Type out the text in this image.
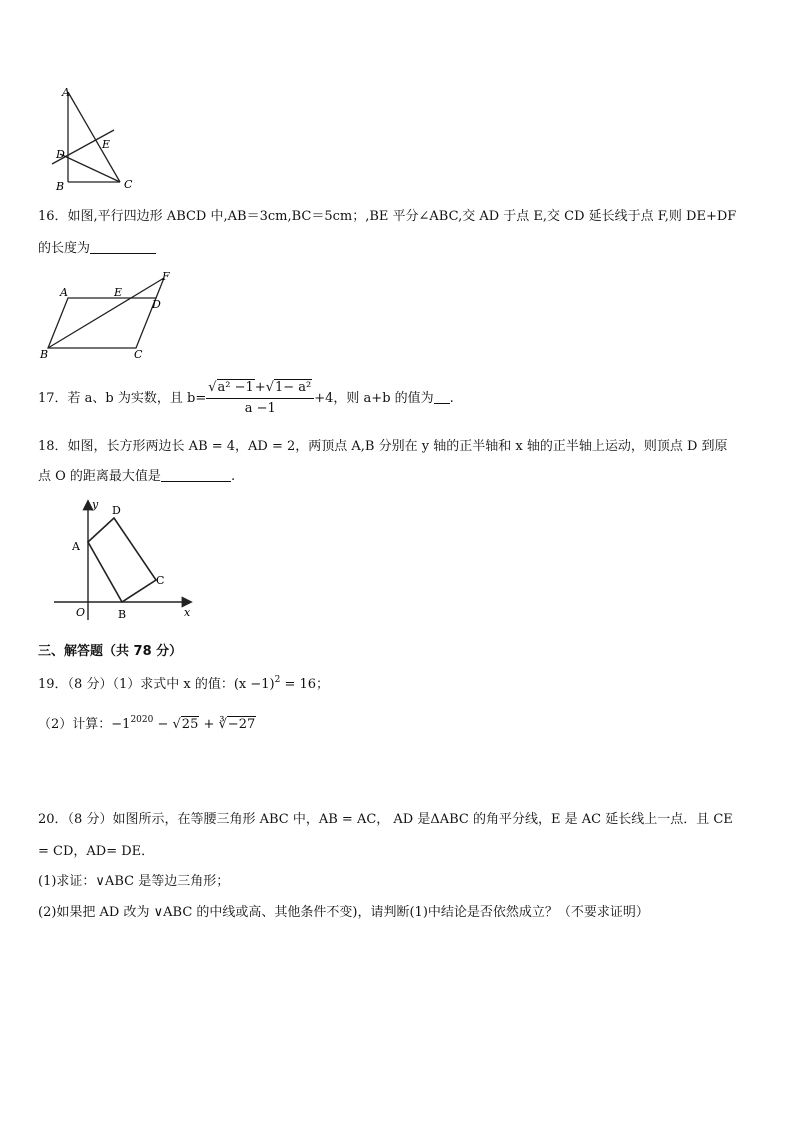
A
B	C
D
E
16．如图,平行四边形 ABCD 中,AB＝3cm,BC＝5cm；,BE 平分∠ABC,交 AD 于点 E,交 CD 延长线于点 F,则 DE+DF
的长度为
A
B	C
D
E
F
17．若 a、b 为实数，且 $b= \frac{\text{√a² −1+√1− a²}}{a -1} +4$，则 a+b 的值为 .
18．如图，长方形两边长 AB = 4，AD = 2，两顶点 A,B 分别在 y 轴的正半轴和 x 轴的正半轴上运动，则顶点 D 到原
点 O 的距离最大值是	.
y
x
O
A
D
C
B
三、解答题（共 78 分）
19．（8 分）（1）求式中 x 的值：$(x -1)^2 = 16$；
（2）计算：$-1^{2020} - √25$ + ∛−27
20．（8 分）如图所示，在等腰三角形 ABC 中，AB = AC， AD 是ΔABC 的角平分线，E 是 AC 延长线上一点．且 CE
= CD，AD= DE．
(1)求证：∨ABC 是等边三角形；
(2)如果把 AD 改为 ∨ABC 的中线或高、其他条件不变)，请判断(1)中结论是否依然成立？（不要求证明）
